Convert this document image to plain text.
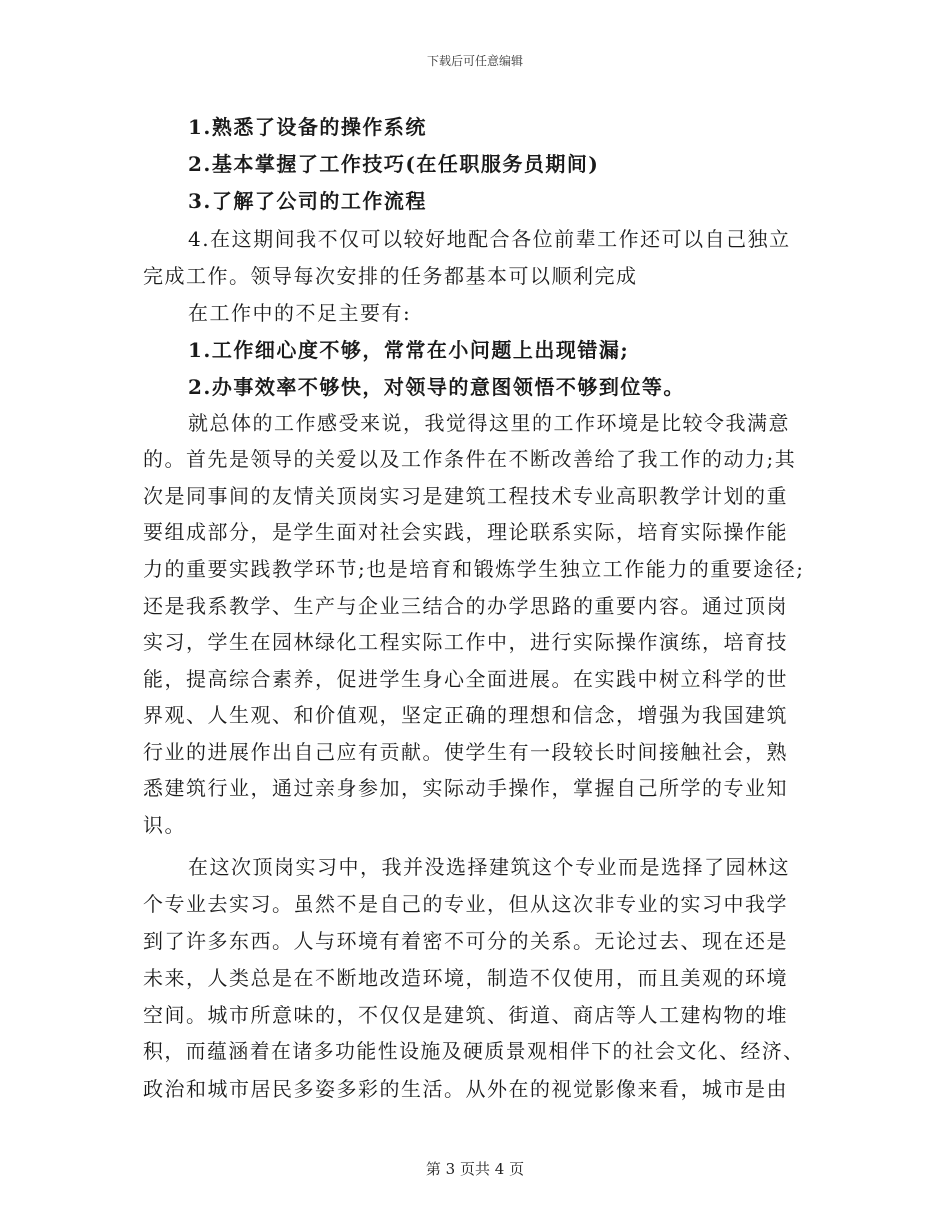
下载后可任意编辑
1.熟悉了设备的操作系统
2.基本掌握了工作技巧(在任职服务员期间)
3.了解了公司的工作流程
4.在这期间我不仅可以较好地配合各位前辈工作还可以自己独立
完成工作。领导每次安排的任务都基本可以顺利完成
在工作中的不足主要有:
1.工作细心度不够，常常在小问题上出现错漏;
2.办事效率不够快，对领导的意图领悟不够到位等。
就总体的工作感受来说，我觉得这里的工作环境是比较令我满意
的。首先是领导的关爱以及工作条件在不断改善给了我工作的动力;其
次是同事间的友情关顶岗实习是建筑工程技术专业高职教学计划的重
要组成部分，是学生面对社会实践，理论联系实际，培育实际操作能
力的重要实践教学环节;也是培育和锻炼学生独立工作能力的重要途径;
还是我系教学、生产与企业三结合的办学思路的重要内容。通过顶岗
实习，学生在园林绿化工程实际工作中，进行实际操作演练，培育技
能，提高综合素养，促进学生身心全面进展。在实践中树立科学的世
界观、人生观、和价值观，坚定正确的理想和信念，增强为我国建筑
行业的进展作出自己应有贡献。使学生有一段较长时间接触社会，熟
悉建筑行业，通过亲身参加，实际动手操作，掌握自己所学的专业知
识。
在这次顶岗实习中，我并没选择建筑这个专业而是选择了园林这
个专业去实习。虽然不是自己的专业，但从这次非专业的实习中我学
到了许多东西。人与环境有着密不可分的关系。无论过去、现在还是
未来，人类总是在不断地改造环境，制造不仅使用，而且美观的环境
空间。城市所意味的，不仅仅是建筑、街道、商店等人工建构物的堆
积，而蕴涵着在诸多功能性设施及硬质景观相伴下的社会文化、经济、
政治和城市居民多姿多彩的生活。从外在的视觉影像来看，城市是由
第 3 页共 4 页
